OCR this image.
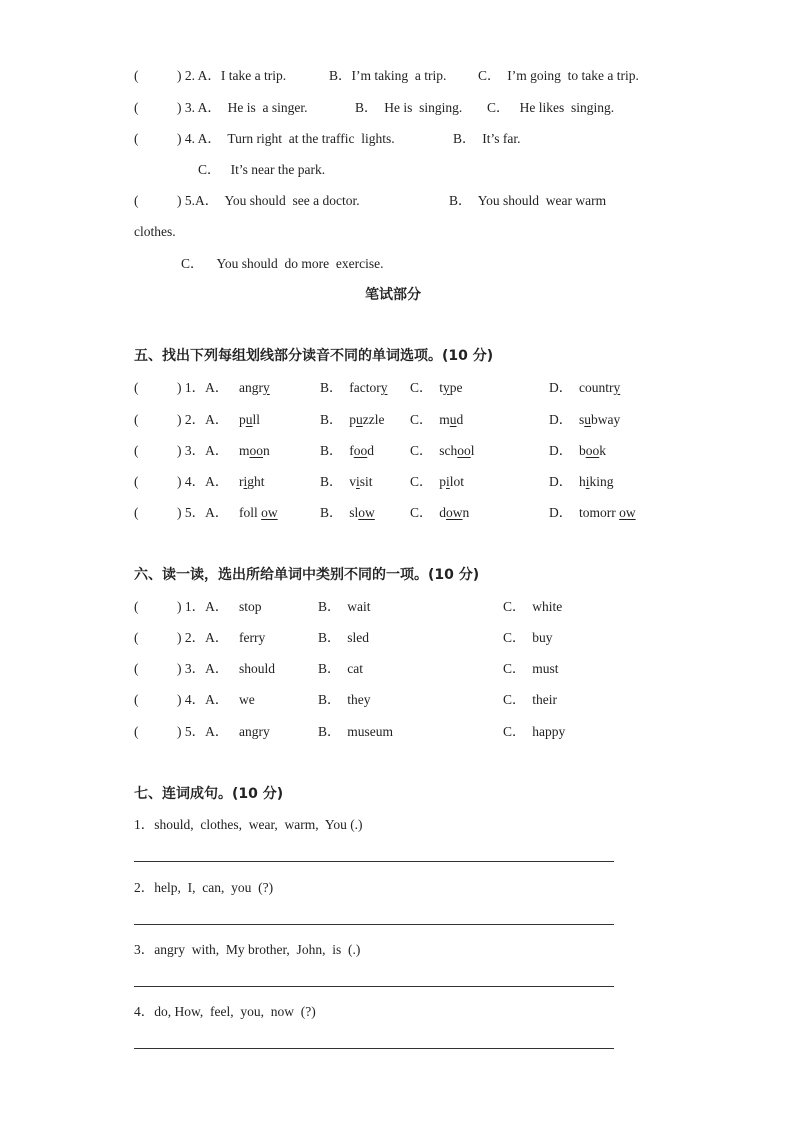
(	) 2. A．I take a trip.	B．I’m taking  a trip. C．  I’m going  to take a trip.
(	) 3. A．  He is  a singer.	B．  He is  singing. C．   He likes  singing.
(	) 4. A．  Turn right  at the traffic  lights.	B．  It’s far.
C．   It’s near the park.
(	) 5.A．  You should  see a doctor.	B．  You should  wear warm
clothes.
C．    You should  do more  exercise.
笔试部分
五、找出下列每组划线部分读音不同的单词选项。(10 分)
(	) 1．A． angry	B．  factory C．  type	D．  country
(	) 2．A． pull	B．  puzzle C．  mud	D．  subway
(	) 3．A． moon	B．  food	C．  school	D．  book
(	) 4．A． right	B．  visit	C．  pilot	D．  hiking
(	) 5．A． foll ow	B．  slow	C．  down	D．  tomorr ow
六、读一读，选出所给单词中类别不同的一项。(10 分)
(	) 1．A． stop	B．  wait	C．  white
(	) 2．A． ferry	B．  sled	C．  buy
(	) 3．A． should	B．  cat	C．  must
(	) 4．A． we	B．  they	C．  their
(	) 5．A． angry	B．  museum	C．  happy
七、连词成句。(10 分)
1．should,  clothes,  wear,  warm,  You (.)
2．help,  I,  can,  you  (?)
3．angry  with,  My brother,  John,  is  (.)
4．do, How,  feel,  you,  now  (?)
